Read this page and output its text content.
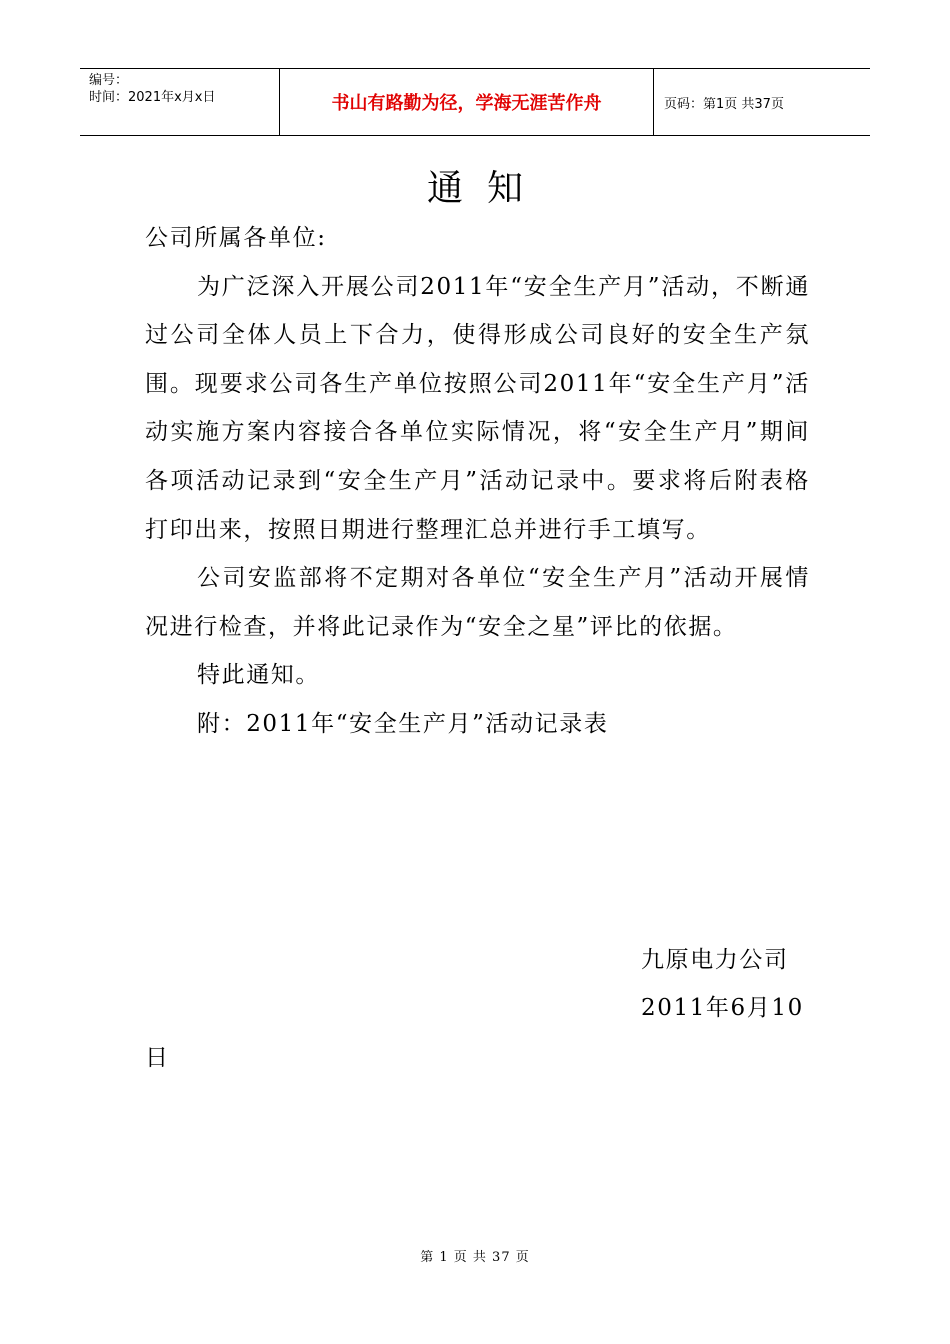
编号：
时间：2021年x月x日	书山有路勤为径，学海无涯苦作舟	页码：第1页 共37页
通知

公司所属各单位:

为广泛深入开展公司2011年“安全生产月”活动，不断通过公司全体人员上下合力，使得形成公司良好的安全生产氛围。现要求公司各生产单位按照公司2011年“安全生产月”活动实施方案内容接合各单位实际情况，将“安全生产月”期间各项活动记录到“安全生产月”活动记录中。要求将后附表格打印出来，按照日期进行整理汇总并进行手工填写。

公司安监部将不定期对各单位“安全生产月”活动开展情况进行检查，并将此记录作为“安全之星”评比的依据。

特此通知。

附：2011年“安全生产月”活动记录表

九原电力公司
2011年6月10
日
第 1 页 共 37 页
